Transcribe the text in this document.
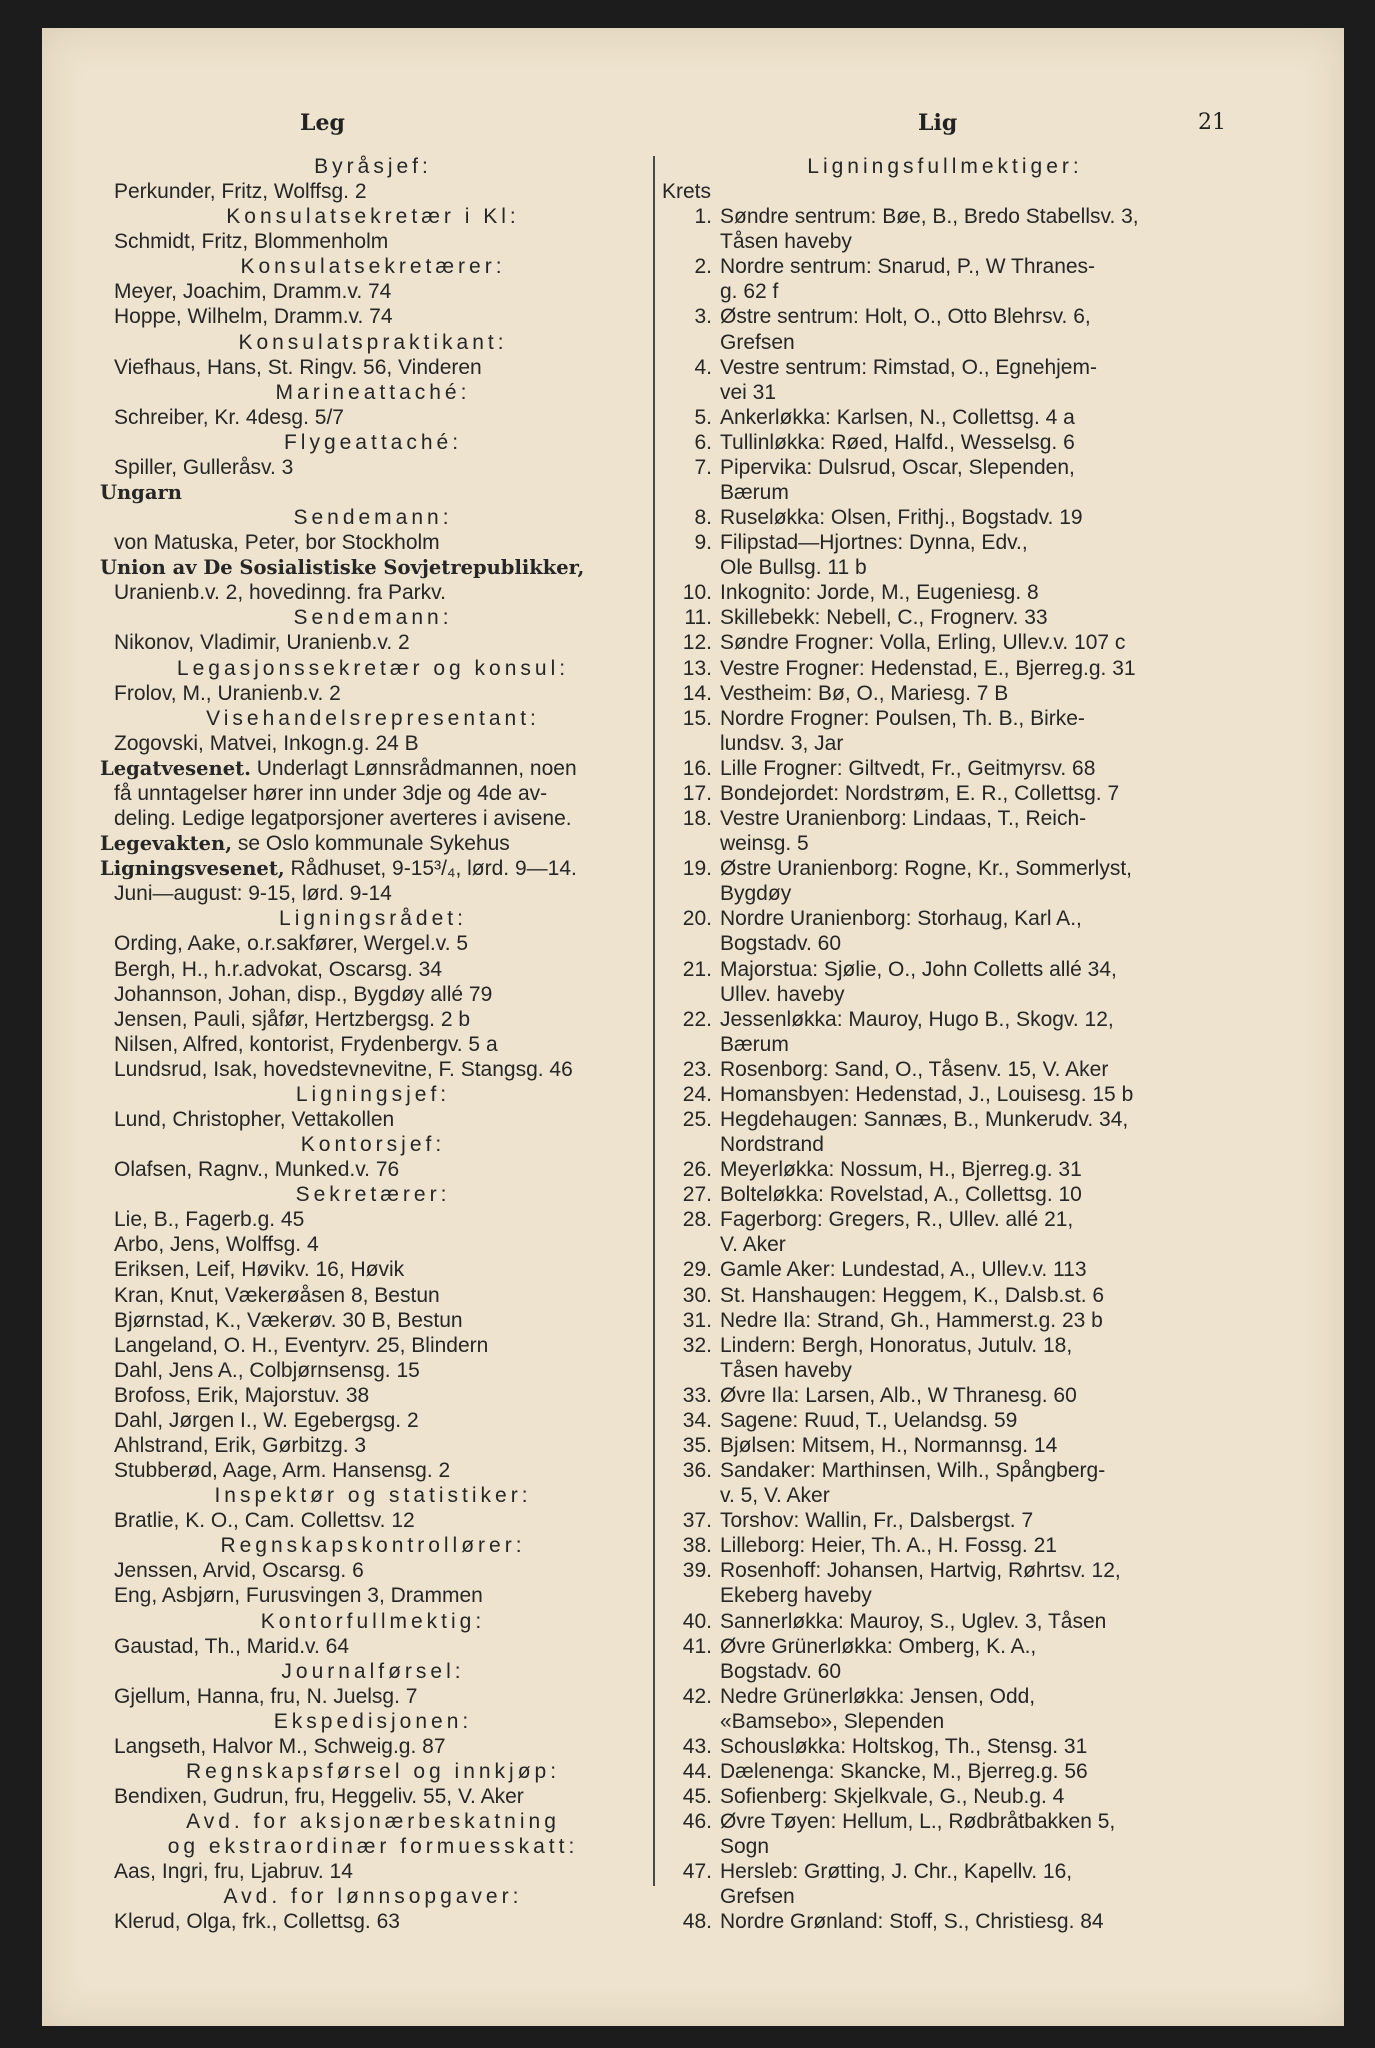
Leg	Lig	21
Byråsjef:
Perkunder, Fritz, Wolffsg. 2
Konsulatsekretær i Kl:
Schmidt, Fritz, Blommenholm
Konsulatsekretærer:
Meyer, Joachim, Dramm.v. 74
Hoppe, Wilhelm, Dramm.v. 74
Konsulatspraktikant:
Viefhaus, Hans, St. Ringv. 56, Vinderen
Marineattaché:
Schreiber, Kr. 4desg. 5/7
Flygeattaché:
Spiller, Gulleråsv. 3
Ungarn
Sendemann:
von Matuska, Peter, bor Stockholm
Union av De Sosialistiske Sovjetrepublikker,
Uranienb.v. 2, hovedinng. fra Parkv.
Sendemann:
Nikonov, Vladimir, Uranienb.v. 2
Legasjonssekretær og konsul:
Frolov, M., Uranienb.v. 2
Visehandelsrepresentant:
Zogovski, Matvei, Inkogn.g. 24 B
Legatvesenet. Underlagt Lønnsrådmannen, noen
få unntagelser hører inn under 3dje og 4de av-
deling. Ledige legatporsjoner averteres i avisene.
Legevakten, se Oslo kommunale Sykehus
Ligningsvesenet, Rådhuset, 9-15³/₄, lørd. 9—14.
Juni—august: 9-15, lørd. 9-14
Ligningsrådet:
Ording, Aake, o.r.sakfører, Wergel.v. 5
Bergh, H., h.r.advokat, Oscarsg. 34
Johannson, Johan, disp., Bygdøy allé 79
Jensen, Pauli, sjåfør, Hertzbergsg. 2 b
Nilsen, Alfred, kontorist, Frydenbergv. 5 a
Lundsrud, Isak, hovedstevnevitne, F. Stangsg. 46
Ligningsjef:
Lund, Christopher, Vettakollen
Kontorsjef:
Olafsen, Ragnv., Munked.v. 76
Sekretærer:
Lie, B., Fagerb.g. 45
Arbo, Jens, Wolffsg. 4
Eriksen, Leif, Høvikv. 16, Høvik
Kran, Knut, Vækerøåsen 8, Bestun
Bjørnstad, K., Vækerøv. 30 B, Bestun
Langeland, O. H., Eventyrv. 25, Blindern
Dahl, Jens A., Colbjørnsensg. 15
Brofoss, Erik, Majorstuv. 38
Dahl, Jørgen I., W. Egebergsg. 2
Ahlstrand, Erik, Gørbitzg. 3
Stubberød, Aage, Arm. Hansensg. 2
Inspektør og statistiker:
Bratlie, K. O., Cam. Collettsv. 12
Regnskapskontrollører:
Jenssen, Arvid, Oscarsg. 6
Eng, Asbjørn, Furusvingen 3, Drammen
Kontorfullmektig:
Gaustad, Th., Marid.v. 64
Journalførsel:
Gjellum, Hanna, fru, N. Juelsg. 7
Ekspedisjonen:
Langseth, Halvor M., Schweig.g. 87
Regnskapsførsel og innkjøp:
Bendixen, Gudrun, fru, Heggeliv. 55, V. Aker
Avd. for aksjonærbeskatning
og ekstraordinær formuesskatt:
Aas, Ingri, fru, Ljabruv. 14
Avd. for lønnsopgaver:
Klerud, Olga, frk., Collettsg. 63
Ligningsfullmektiger:
Krets
1. Søndre sentrum: Bøe, B., Bredo Stabellsv. 3,
Tåsen haveby
2. Nordre sentrum: Snarud, P., W Thranes-
g. 62 f
3. Østre sentrum: Holt, O., Otto Blehrsv. 6,
Grefsen
4. Vestre sentrum: Rimstad, O., Egnehjem-
vei 31
5. Ankerløkka: Karlsen, N., Collettsg. 4 a
6. Tullinløkka: Røed, Halfd., Wesselsg. 6
7. Pipervika: Dulsrud, Oscar, Slependen,
Bærum
8. Ruseløkka: Olsen, Frithj., Bogstadv. 19
9. Filipstad—Hjortnes: Dynna, Edv.,
Ole Bullsg. 11 b
10. Inkognito: Jorde, M., Eugeniesg. 8
11. Skillebekk: Nebell, C., Frognerv. 33
12. Søndre Frogner: Volla, Erling, Ullev.v. 107 c
13. Vestre Frogner: Hedenstad, E., Bjerreg.g. 31
14. Vestheim: Bø, O., Mariesg. 7 B
15. Nordre Frogner: Poulsen, Th. B., Birke-
lundsv. 3, Jar
16. Lille Frogner: Giltvedt, Fr., Geitmyrsv. 68
17. Bondejordet: Nordstrøm, E. R., Collettsg. 7
18. Vestre Uranienborg: Lindaas, T., Reich-
weinsg. 5
19. Østre Uranienborg: Rogne, Kr., Sommerlyst,
Bygdøy
20. Nordre Uranienborg: Storhaug, Karl A.,
Bogstadv. 60
21. Majorstua: Sjølie, O., John Colletts allé 34,
Ullev. haveby
22. Jessenløkka: Mauroy, Hugo B., Skogv. 12,
Bærum
23. Rosenborg: Sand, O., Tåsenv. 15, V. Aker
24. Homansbyen: Hedenstad, J., Louisesg. 15 b
25. Hegdehaugen: Sannæs, B., Munkerudv. 34,
Nordstrand
26. Meyerløkka: Nossum, H., Bjerreg.g. 31
27. Bolteløkka: Rovelstad, A., Collettsg. 10
28. Fagerborg: Gregers, R., Ullev. allé 21,
V. Aker
29. Gamle Aker: Lundestad, A., Ullev.v. 113
30. St. Hanshaugen: Heggem, K., Dalsb.st. 6
31. Nedre Ila: Strand, Gh., Hammerst.g. 23 b
32. Lindern: Bergh, Honoratus, Jutulv. 18,
Tåsen haveby
33. Øvre Ila: Larsen, Alb., W Thranesg. 60
34. Sagene: Ruud, T., Uelandsg. 59
35. Bjølsen: Mitsem, H., Normannsg. 14
36. Sandaker: Marthinsen, Wilh., Spångberg-
v. 5, V. Aker
37. Torshov: Wallin, Fr., Dalsbergst. 7
38. Lilleborg: Heier, Th. A., H. Fossg. 21
39. Rosenhoff: Johansen, Hartvig, Røhrtsv. 12,
Ekeberg haveby
40. Sannerløkka: Mauroy, S., Uglev. 3, Tåsen
41. Øvre Grünerløkka: Omberg, K. A.,
Bogstadv. 60
42. Nedre Grünerløkka: Jensen, Odd,
«Bamsebo», Slependen
43. Schousløkka: Holtskog, Th., Stensg. 31
44. Dælenenga: Skancke, M., Bjerreg.g. 56
45. Sofienberg: Skjelkvale, G., Neub.g. 4
46. Øvre Tøyen: Hellum, L., Rødbråtbakken 5,
Sogn
47. Hersleb: Grøtting, J. Chr., Kapellv. 16,
Grefsen
48. Nordre Grønland: Stoff, S., Christiesg. 84
